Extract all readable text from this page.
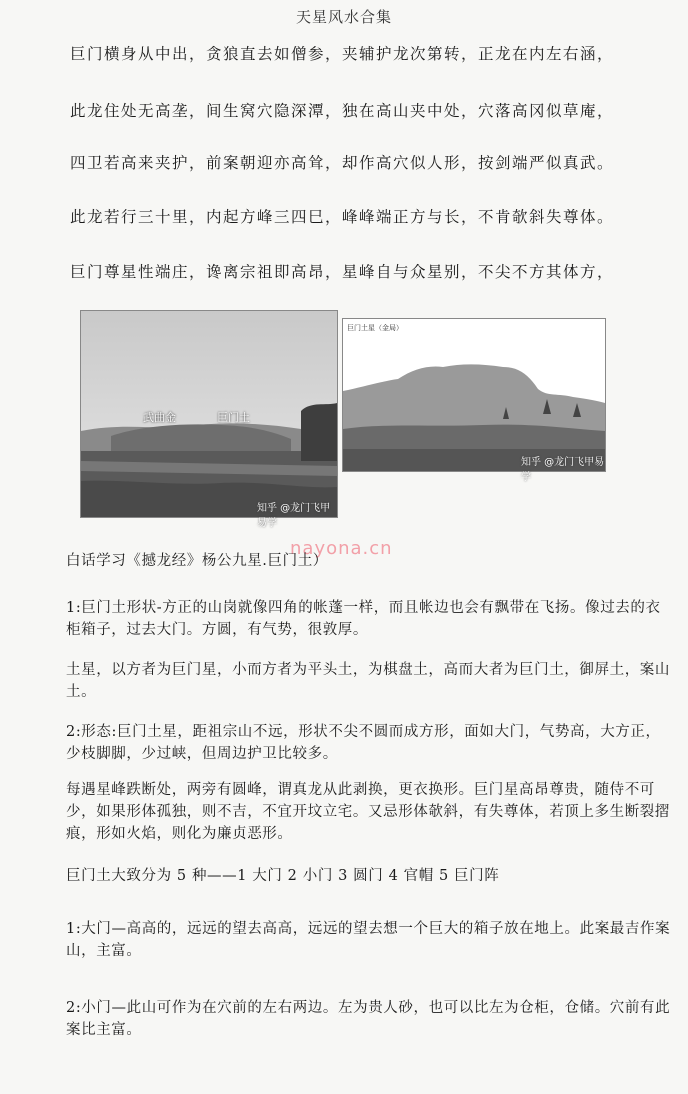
天星风水合集
巨门横身从中出，贪狼直去如僧参，夹辅护龙次第转，正龙在内左右涵，
此龙住处无高垄，间生窝穴隐深潭，独在高山夹中处，穴落高冈似草庵，
四卫若高来夹护，前案朝迎亦高耸，却作高穴似人形，按剑端严似真武。
此龙若行三十里，内起方峰三四巳，峰峰端正方与长，不肯欹斜失尊体。
巨门尊星性端庄，谗离宗祖即高昂，星峰自与众星别，不尖不方其体方，
武曲金	巨门土
知乎 @龙门飞甲易学
巨门土星（金局）
知乎 @龙门飞甲易学
nayona.cn
白话学习《撼龙经》杨公九星.巨门土）
1:巨门土形状-方正的山岗就像四角的帐蓬一样，而且帐边也会有飘带在飞扬。像过去的衣柜箱子，过去大门。方圆，有气势，很敦厚。
土星，以方者为巨门星，小而方者为平头土，为棋盘土，高而大者为巨门土，御屏土，案山土。
2:形态:巨门土星，距祖宗山不远，形状不尖不圆而成方形，面如大门，气势高，大方正，少枝脚脚，少过峡，但周边护卫比较多。
每遇星峰跌断处，两旁有圆峰，谓真龙从此剥换，更衣换形。巨门星高昂尊贵，随侍不可少，如果形体孤独，则不吉，不宜开坟立宅。又忌形体欹斜，有失尊体，若顶上多生断裂摺痕，形如火焰，则化为廉贞恶形。
巨门土大致分为 5 种——1 大门 2 小门 3 圆门 4 官帽 5 巨门阵
1:大门—高高的，远远的望去高高，远远的望去想一个巨大的箱子放在地上。此案最吉作案山，主富。
2:小门—此山可作为在穴前的左右两边。左为贵人砂，也可以比左为仓柜，仓储。穴前有此案比主富。
